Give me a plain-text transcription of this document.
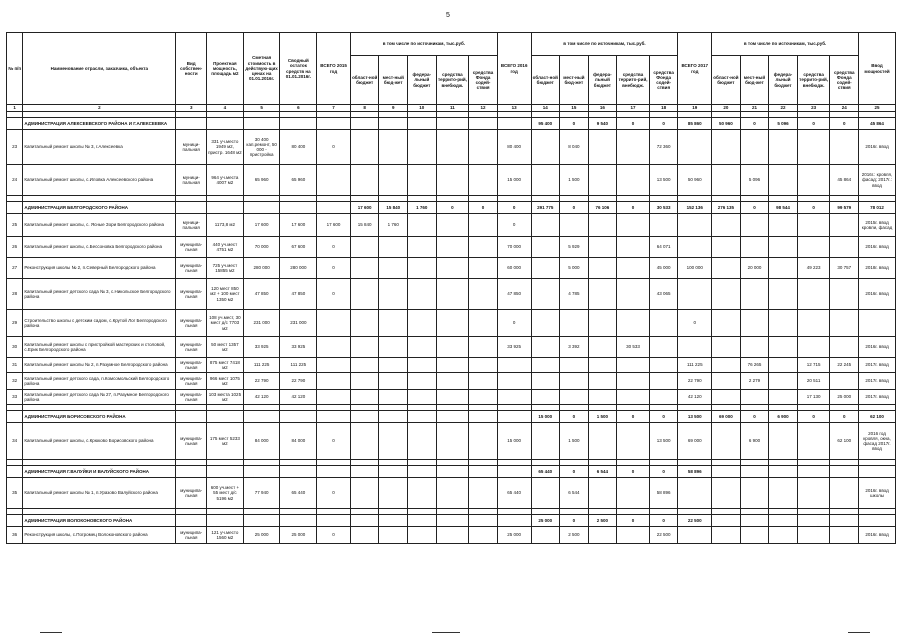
5
№ п/п	Наименование отрасли, заказчика, объекта	Вид собствен-ности	Проектная мощность, площадь м2	Сметная стоимость в действую-щих ценах на 01.01.2016г.	Сводный остаток средств на 01.01.2016г.	ВСЕГО 2015 год	в том числе по источникам, тыс.руб.					ВСЕГО 2016 год	в том числе по источникам, тыс.руб.					ВСЕГО 2017 год	в том числе по источникам, тыс.руб.					Ввод мощностей
							област-ной бюджет	мест-ный бюд-жет	федера-льный бюджет	средства террито-рий, внебюдж.	средства Фонда содей-ствия		област-ной бюджет	мест-ный бюд-жет	федера-льный бюджет	средства террито-рий, внебюдж.	средства Фонда содей-ствия		област-ной бюджет	мест-ный бюд-жет	федера-льный бюджет	средства террито-рий, внебюдж.	средства Фонда содей-ствия	
1	2	3	4	5	6	7	8	9	10	11	12	13	14	15	16	17	18	19	20	21	22	23	24	25

	АДМИНИСТРАЦИЯ АЛЕКСЕЕВСКОГО РАЙОНА И Г.АЛЕКСЕЕВКА												95 400	0	9 540	0	0	85 860	50 960	0	5 096	0	0	45 864
23	Капитальный ремонт школы № 3, г.Алексеевка	муници-пальная	331 уч.место 1949 м2, пристр. 1648 м2	30 400 кап.ремонт, 50 000 - пристройка	80 400	0						80 400		8 040			72 360							2016г. ввод
24	Капитальный ремонт школы, с.Иловка Алексеевского района	муници-пальная	964 уч.места 4007 м2	65 960	65 960							15 000		1 500			13 500	50 960		5 096			45 864	2016г.: кровля, фасад; 2017г.: ввод

	АДМИНИСТРАЦИЯ БЕЛГОРОДСКОГО РАЙОНА						17 600	15 840	1 760	0	0	0	291 775	0	76 106	0	30 533	152 136	276 135	0	98 544	0	99 579	78 012
25	Капитальный ремонт школы, с. Ясные Зори Белгородского района	муници-пальная	1173,8 м2	17 600	17 600	17 600	15 840	1 760				0												2015г. ввод кровли, фасад
26	Капитальный ремонт школы, с.Бессоновка Белгородского района	муниципа-льная	440 уч.мест 4751 м2	70 000	67 600	0						70 000		5 929			64 071							2016г. ввод
27	Реконструкция школы № 2, п.Северный Белгородского района	муниципа-льная	725 уч.мест 15855 м2	280 000	280 000	0						60 000		5 000			45 000	100 000		20 000		49 223	30 757	2018г. ввод
28	Капитальный ремонт детского сада № 3, с.Никольское Белгородского района	муниципа-льная	120 мест 850 м2 + 100 мест 1350 м2	47 850	47 850	0						47 850		4 785			43 065							2016г. ввод
29	Строительство школы с детским садом, с.Крутой Лог Белгородского района	муниципа-льная	108 уч.мест, 30 мест д/с 7703 м2	231 000	231 000							0						0						
30	Капитальный ремонт школы с пристройкой мастерских и столовой, с.Ерик Белгородского района	муниципа-льная	50 мест 1357 м2	33 925	33 925							33 925		3 392		30 533								2016г. ввод
31	Капитальный ремонт школы № 2, п.Разумное Белгородского района	муниципа-льная	875 мест 7418 м2	111 225	111 225													111 225		76 265		12 715	22 245	2017г. ввод
32	Капитальный ремонт детского сада, п.Комсомольский Белгородского района	муниципа-льная	966 мест 1075 м2	22 790	22 790													22 790		2 279		20 511		2017г. ввод
33	Капитальный ремонт детского сада № 27, п.Разумное Белгородского района	муниципа-льная	103 места 1025 м2	42 120	42 120													42 120				17 130	25 000	2017г. ввод

	АДМИНИСТРАЦИЯ БОРИСОВСКОГО РАЙОНА												15 000	0	1 500	0	0	13 500	69 000	0	6 900	0	0	62 100
34	Капитальный ремонт школы, с.Крюково Борисовского района	муниципа-льная	175 мест 5233 м2	84 000	84 000	0						15 000		1 500			13 500	69 000		6 900			62 100	2016 год кровля, окна, фасад 2017г. ввод

	АДМИНИСТРАЦИЯ Г.ВАЛУЙКИ И ВАЛУЙСКОГО РАЙОНА												65 440	0	6 544	0	0	58 896						
35	Капитальный ремонт школы № 1, п.Уразово Валуйского района	муниципа-льная	600 уч.мест + 55 мест д/с 5196 м2	77 940	65 440	0						65 440		6 544			58 896							2016г. ввод школы

	АДМИНИСТРАЦИЯ ВОЛОКОНОВСКОГО РАЙОНА												25 000	0	2 500	0	0	22 500						
36	Реконструкция школы, с.Погромец Волоконовского района	муниципа-льная	121 уч.место 1560 м2	25 000	25 000	0						25 000		2 500			22 500							2016г. ввод
